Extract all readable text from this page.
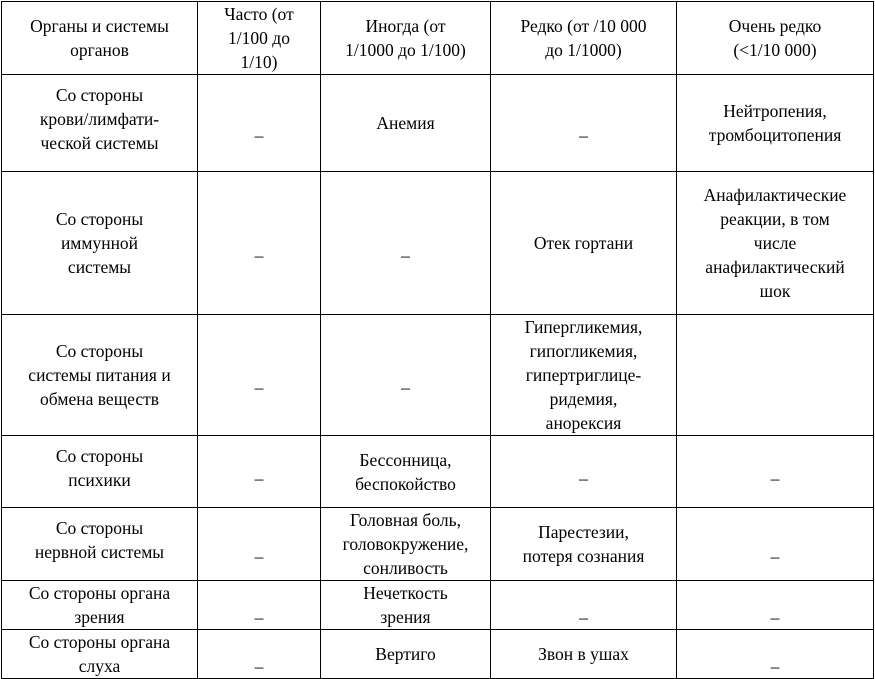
Органы и системы
органов	Часто (от
1/100 до
1/10)	Иногда (от
1/1000 до 1/100)	Редко (от /10 000
до 1/1000)	Очень редко
(<1/10 000)

Со стороны
крови/лимфати-
ческой системы	_	Анемия	_	Нейтропения,
тромбоцитопения

Со стороны
иммунной
системы	_	_	Отек гортани	Анафилактические
реакции, в том
числе
анафилактический
шок

Со стороны
системы питания и
обмена веществ	_	_	Гипергликемия,
гипогликемия,
гипертриглице-
ридемия,
анорексия	

Со стороны
психики	_	Бессонница,
беспокойство	_	_

Со стороны
нервной системы	_	Головная боль,
головокружение,
сонливость	Парестезии,
потеря сознания	_

Со стороны органа
зрения	_	Нечеткость
зрения	_	_

Со стороны органа
слуха	_	Вертиго	Звон в ушах	_
